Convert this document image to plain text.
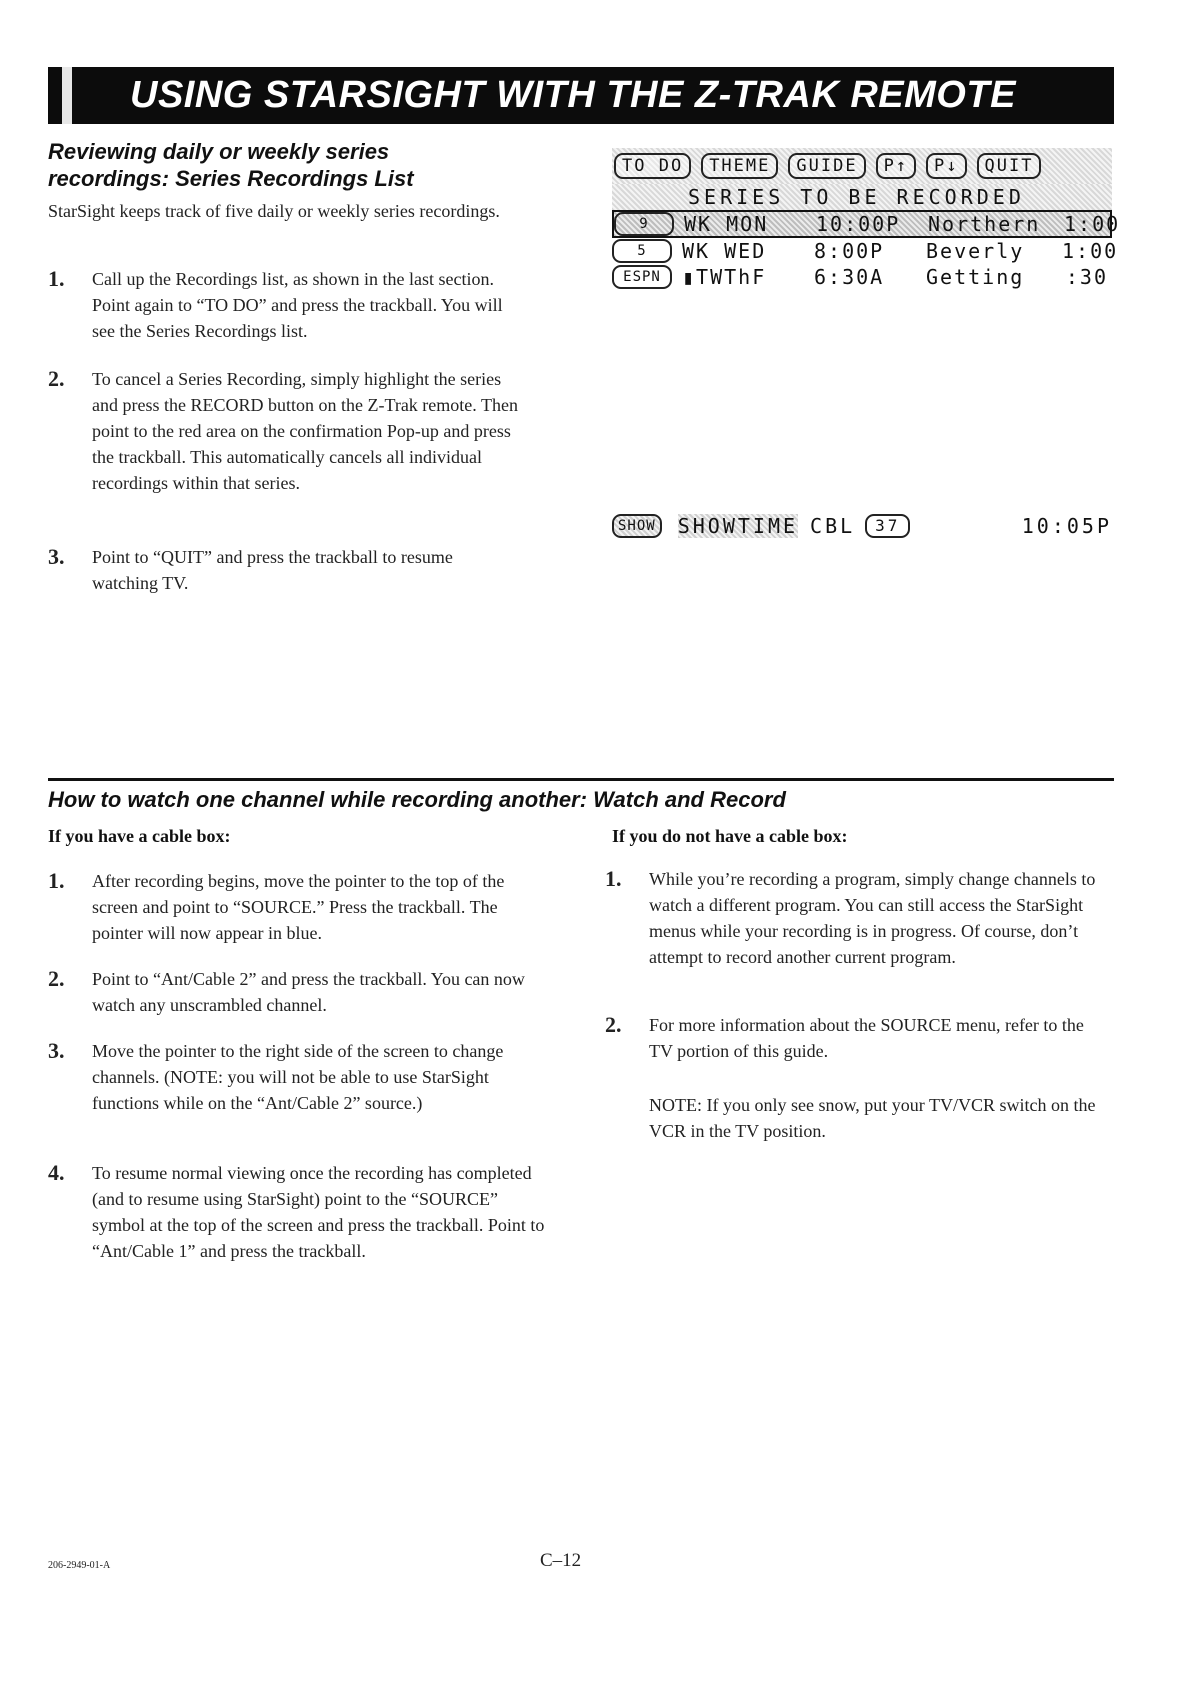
USING STARSIGHT WITH THE Z-TRAK REMOTE
Reviewing daily or weekly series
recordings: Series Recordings List
StarSight keeps track of five daily or weekly series recordings.
1.	Call up the Recordings list, as shown in the last section. Point again to “TO DO” and press the trackball. You will see the Series Recordings list.
2.	To cancel a Series Recording, simply highlight the series and press the RECORD button on the Z-Trak remote. Then point to the red area on the confirmation Pop-up and press the trackball. This automatically cancels all individual recordings within that series.
3.	Point to “QUIT” and press the trackball to resume watching TV.
TO DO	THEME	GUIDE	P↑	P↓	QUIT
SERIES TO BE RECORDED
9	WK MON	10:00P	Northern	1:00
5	WK WED	8:00P	Beverly	1:00
ESPN	▮TWThF	6:30A	Getting	:30
SHOW	SHOWTIME CBL	37	10:05P
How to watch one channel while recording another: Watch and Record
If you have a cable box:	If you do not have a cable box:
1.	After recording begins, move the pointer to the top of the screen and point to “SOURCE.” Press the trackball. The pointer will now appear in blue.
2.	Point to “Ant/Cable 2” and press the trackball. You can now watch any unscrambled channel.
3.	Move the pointer to the right side of the screen to change channels. (NOTE: you will not be able to use StarSight functions while on the “Ant/Cable 2” source.)
4.	To resume normal viewing once the recording has completed (and to resume using StarSight) point to the “SOURCE” symbol at the top of the screen and press the trackball. Point to “Ant/Cable 1” and press the trackball.
1.	While you’re recording a program, simply change channels to watch a different program. You can still access the StarSight menus while your recording is in progress. Of course, don’t attempt to record another current program.
2.	For more information about the SOURCE menu, refer to the TV portion of this guide.
NOTE: If you only see snow, put your TV/VCR switch on the VCR in the TV position.
206-2949-01-A	C–12
